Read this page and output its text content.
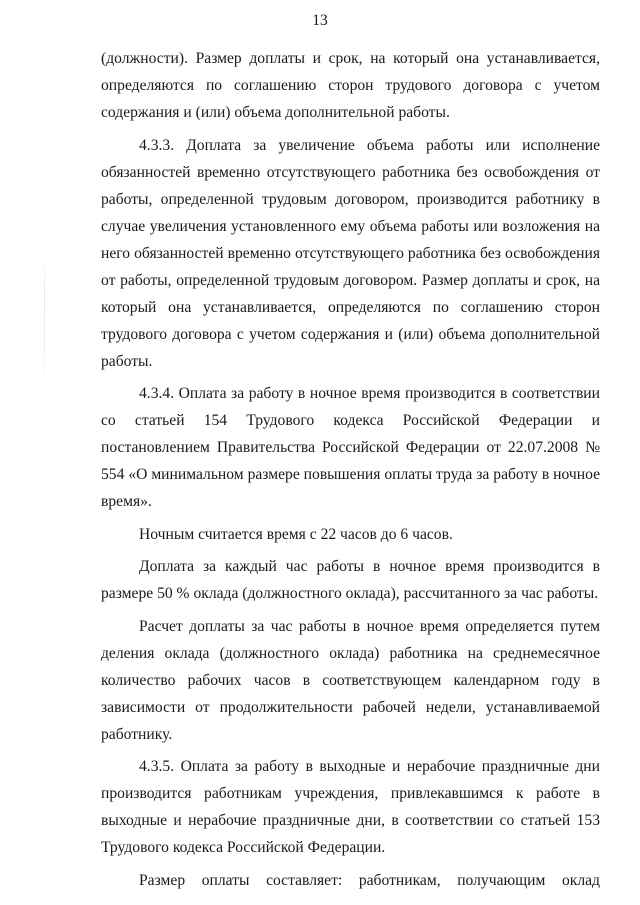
13

(должности). Размер доплаты и срок, на который она устанавливается, определяются по соглашению сторон трудового договора с учетом содержания и (или) объема дополнительной работы.

4.3.3. Доплата за увеличение объема работы или исполнение обязанностей временно отсутствующего работника без освобождения от работы, определенной трудовым договором, производится работнику в случае увеличения установленного ему объема работы или возложения на него обязанностей временно отсутствующего работника без освобождения от работы, определенной трудовым договором. Размер доплаты и срок, на который она устанавливается, определяются по соглашению сторон трудового договора с учетом содержания и (или) объема дополнительной работы.

4.3.4. Оплата за работу в ночное время производится в соответствии со статьей 154 Трудового кодекса Российской Федерации и постановлением Правительства Российской Федерации от 22.07.2008 № 554 «О минимальном размере повышения оплаты труда за работу в ночное время».

Ночным считается время с 22 часов до 6 часов.

Доплата за каждый час работы в ночное время производится в размере 50 % оклада (должностного оклада), рассчитанного за час работы.

Расчет доплаты за час работы в ночное время определяется путем деления оклада (должностного оклада) работника на среднемесячное количество рабочих часов в соответствующем календарном году в зависимости от продолжительности рабочей недели, устанавливаемой работнику.

4.3.5. Оплата за работу в выходные и нерабочие праздничные дни производится работникам учреждения, привлекавшимся к работе в выходные и нерабочие праздничные дни, в соответствии со статьей 153 Трудового кодекса Российской Федерации.

Размер оплаты составляет: работникам, получающим оклад
